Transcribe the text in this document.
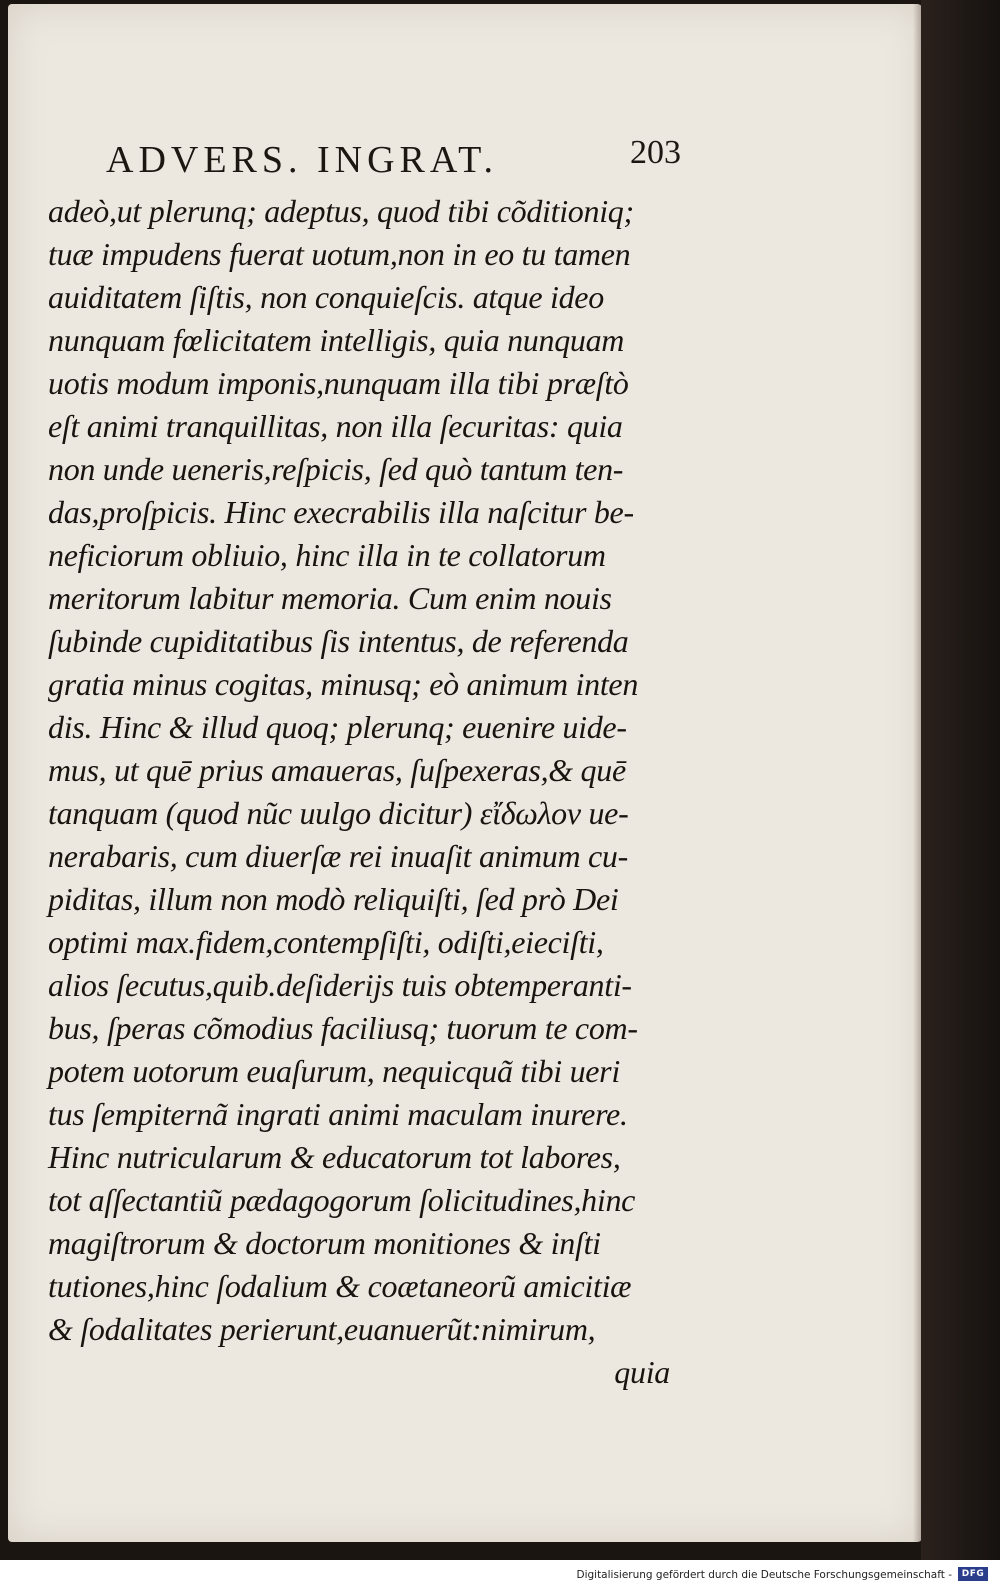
ADVERS. INGRAT.	203
adeò,ut plerunq; adeptus, quod tibi cõditioniq;
tuæ impudens fuerat uotum,non in eo tu tamen
auiditatem ſiſtis, non conquieſcis. atque ideo
nunquam fœlicitatem intelligis, quia nunquam
uotis modum imponis,nunquam illa tibi præſtò
eſt animi tranquillitas, non illa ſecuritas: quia
non unde ueneris,reſpicis, ſed quò tantum ten-
das,proſpicis. Hinc execrabilis illa naſcitur be-
neficiorum obliuio, hinc illa in te collatorum
meritorum labitur memoria. Cum enim nouis
ſubinde cupiditatibus ſis intentus, de referenda
gratia minus cogitas, minusq; eò animum inten
dis. Hinc & illud quoq; plerunq; euenire uide-
mus, ut quē prius amaueras, ſuſpexeras,& quē
tanquam (quod nũc uulgo dicitur) εἴδωλον ue-
nerabaris, cum diuerſæ rei inuaſit animum cu-
piditas, illum non modò reliquiſti, ſed prò Dei
optimi max.fidem,contempſiſti, odiſti,eieciſti,
alios ſecutus,quib.deſiderijs tuis obtemperanti-
bus, ſperas cõmodius faciliusq; tuorum te com-
potem uotorum euaſurum, nequicquã tibi ueri
tus ſempiternã ingrati animi maculam inurere.
Hinc nutricularum & educatorum tot labores,
tot aſſectantiũ pædagogorum ſolicitudines,hinc
magiſtrorum & doctorum monitiones & inſti
tutiones,hinc ſodalium & coætaneorũ amicitiæ
& ſodalitates perierunt,euanuerũt:nimirum,
quia
Digitalisierung gefördert durch die Deutsche Forschungsgemeinschaft -	DFG
